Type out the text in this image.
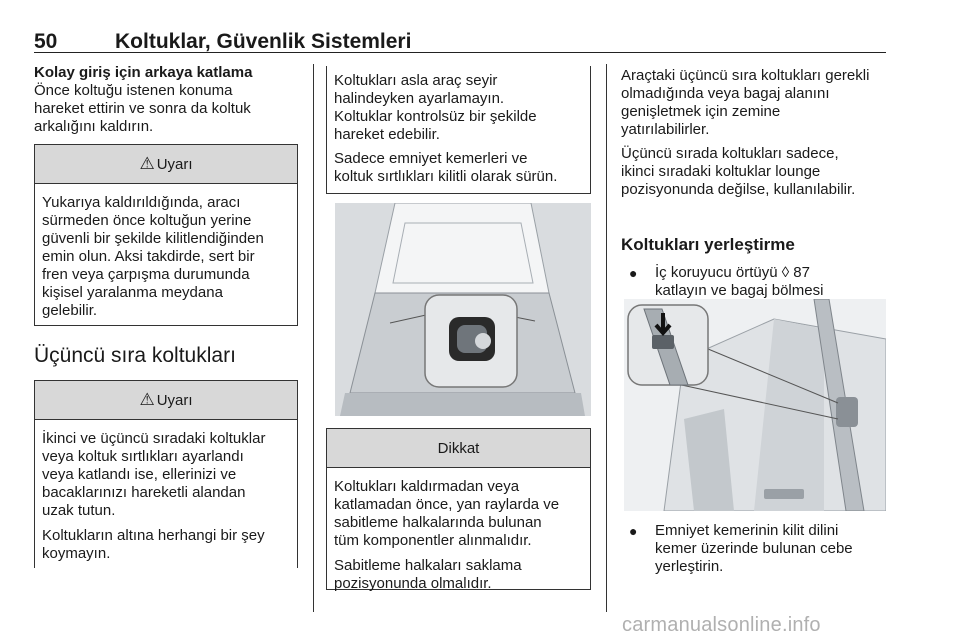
50	Koltuklar, Güvenlik Sistemleri
Kolay giriş için arkaya katlama
Önce koltuğu istenen konuma
hareket ettirin ve sonra da koltuk
arkalığını kaldırın.
⚠ Uyarı
Yukarıya kaldırıldığında, aracı
sürmeden önce koltuğun yerine
güvenli bir şekilde kilitlendiğinden
emin olun. Aksi takdirde, sert bir
fren veya çarpışma durumunda
kişisel yaralanma meydana
gelebilir.
Üçüncü sıra koltukları
⚠ Uyarı
İkinci ve üçüncü sıradaki koltuklar
veya koltuk sırtlıkları ayarlandı
veya katlandı ise, ellerinizi ve
bacaklarınızı hareketli alandan
uzak tutun.
Koltukların altına herhangi bir şey
koymayın.
Koltukları asla araç seyir
halindeyken ayarlamayın.
Koltuklar kontrolsüz bir şekilde
hareket edebilir.
Sadece emniyet kemerleri ve
koltuk sırtlıkları kilitli olarak sürün.
Dikkat
Koltukları kaldırmadan veya
katlamadan önce, yan raylarda ve
sabitleme halkalarında bulunan
tüm komponentler alınmalıdır.
Sabitleme halkaları saklama
pozisyonunda olmalıdır.
Araçtaki üçüncü sıra koltukları gerekli
olmadığında veya bagaj alanını
genişletmek için zemine
yatırılabilirler.
Üçüncü sırada koltukları sadece,
ikinci sıradaki koltuklar lounge
pozisyonunda değilse, kullanılabilir.
Koltukları yerleştirme
● İç koruyucu örtüyü ◊ 87
katlayın ve bagaj bölmesi
● Emniyet kemerinin kilit dilini
kemer üzerinde bulunan cebe
yerleştirin.
carmanualsonline.info
